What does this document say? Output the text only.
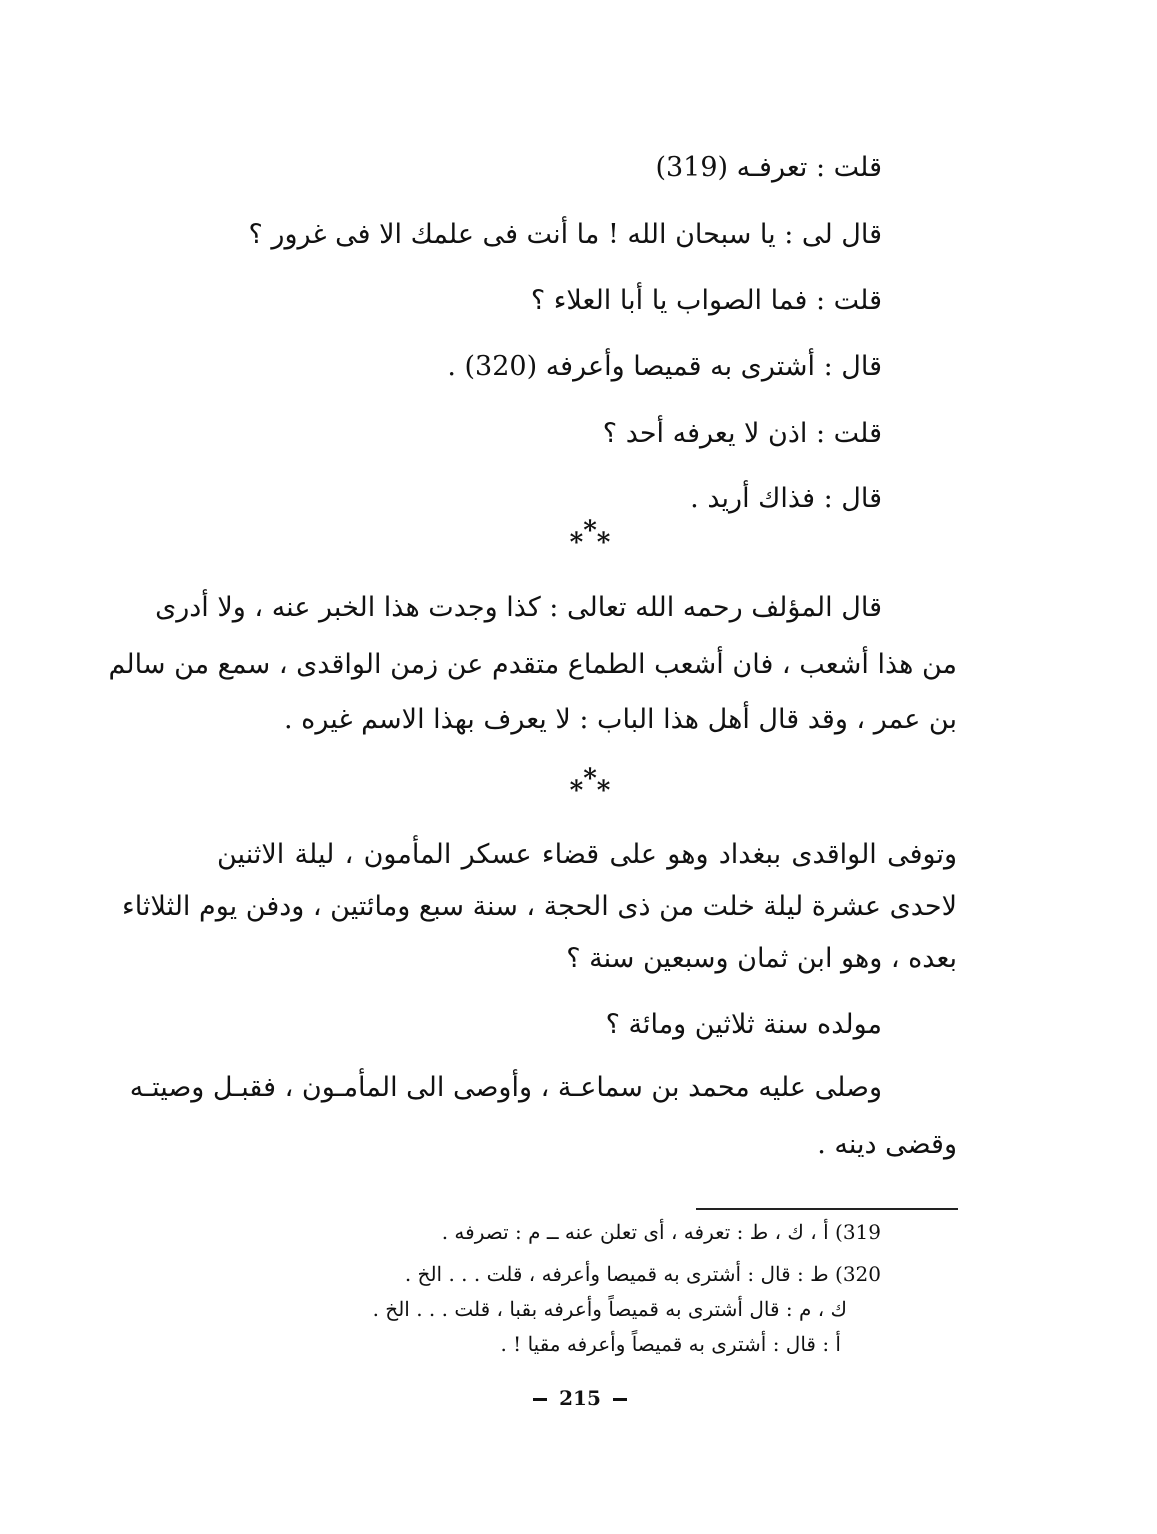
قلت : تعرفـه (319)
قال لى : يا سبحان الله ! ما أنت فى علمك الا فى غرور ؟
قلت : فما الصواب يا أبا العلاء ؟
قال : أشترى به قميصا وأعرفه (320) .
قلت : اذن لا يعرفه أحد ؟
قال : فذاك أريد .
***
قال المؤلف رحمه الله تعالى : كذا وجدت هذا الخبر عنه ، ولا أدرى
من هذا أشعب ، فان أشعب الطماع متقدم عن زمن الواقدى ، سمع من سالم
بن عمر ، وقد قال أهل هذا الباب : لا يعرف بهذا الاسم غيره .
***
وتوفى الواقدى ببغداد وهو على قضاء عسكر المأمون ، ليلة الاثنين
لاحدى عشرة ليلة خلت من ذى الحجة ، سنة سبع ومائتين ، ودفن يوم الثلاثاء
بعده ، وهو ابن ثمان وسبعين سنة ؟
مولده سنة ثلاثين ومائة ؟
وصلى عليه محمد بن سماعـة ، وأوصى الى المأمـون ، فقبـل وصيتـه
وقضى دينه .
319) أ ، ك ، ط : تعرفه ، أى تعلن عنه ــ م : تصرفه .
320) ط : قال : أشترى به قميصا وأعرفه ، قلت . . . الخ .
ك ، م : قال أشترى به قميصاً وأعرفه بقبا ، قلت . . . الخ .
أ : قال : أشترى به قميصاً وأعرفه مقيا ! .
215
